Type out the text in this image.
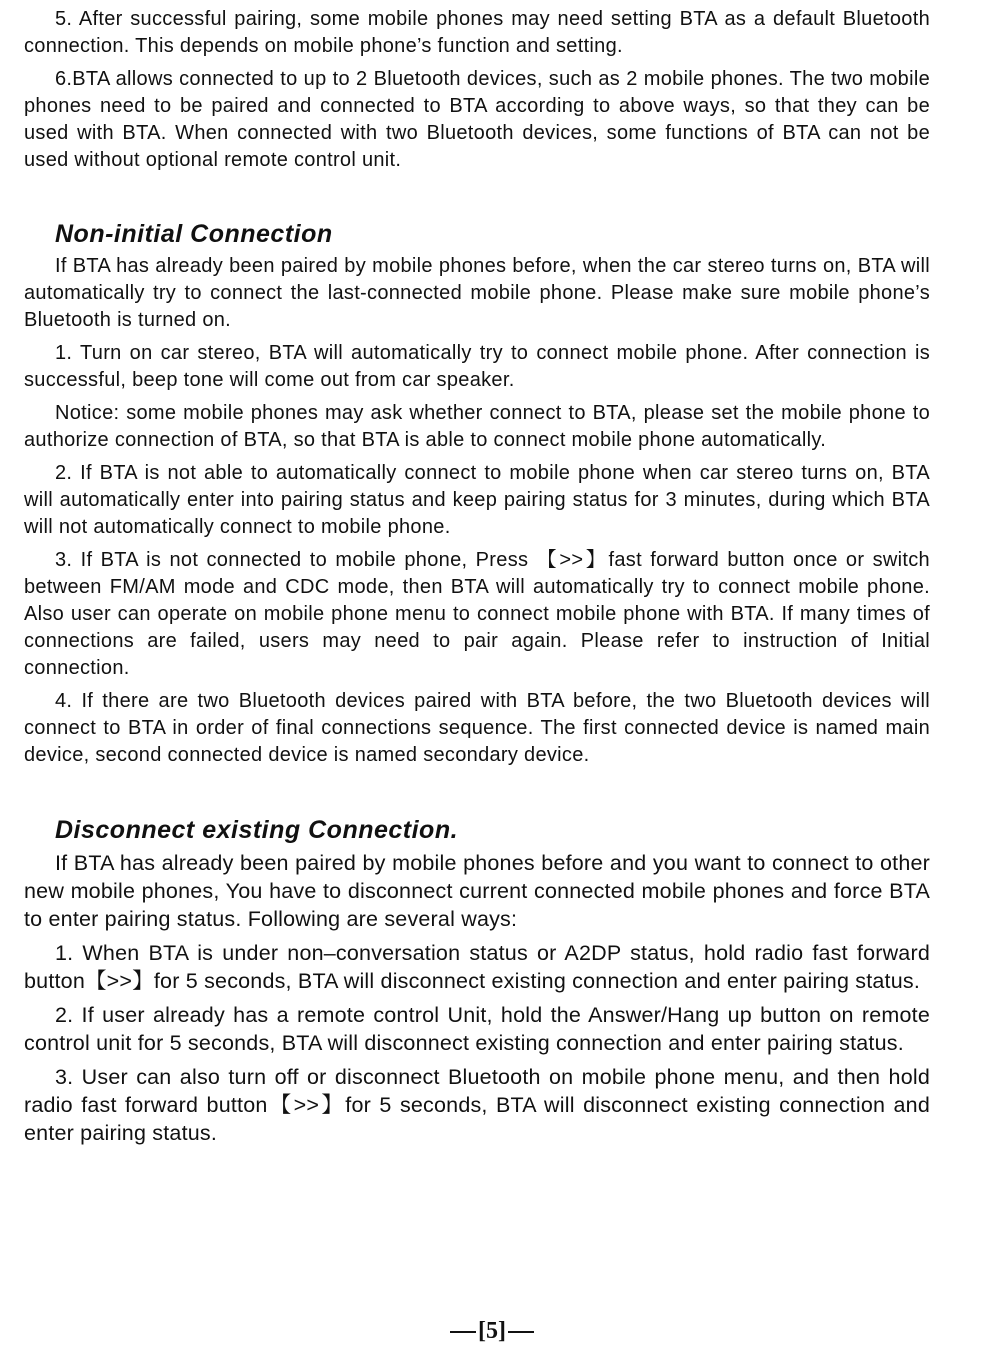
5. After successful pairing, some mobile phones may need setting BTA as a default Bluetooth connection. This depends on mobile phone’s function and setting.

6.BTA allows connected to up to 2 Bluetooth devices, such as 2 mobile phones. The two mobile phones need to be paired and connected to BTA according to above ways, so that they can be used with BTA. When connected with two Bluetooth devices, some functions of BTA can not be used without optional remote control unit.

Non-initial Connection

If BTA has already been paired by mobile phones before, when the car stereo turns on, BTA will automatically try to connect the last-connected mobile phone. Please make sure mobile phone’s Bluetooth is turned on.

1. Turn on car stereo, BTA will automatically try to connect mobile phone. After connection is successful, beep tone will come out from car speaker.

Notice: some mobile phones may ask whether connect to BTA, please set the mobile phone to authorize connection of BTA, so that BTA is able to connect mobile phone automatically.

2. If BTA is not able to automatically connect to mobile phone when car stereo turns on, BTA will automatically enter into pairing status and keep pairing status for 3 minutes, during which BTA will not automatically connect to mobile phone.

3. If BTA is not connected to mobile phone, Press 【>>】fast forward button once or switch between FM/AM mode and CDC mode, then BTA will automatically try to connect mobile phone. Also user can operate on mobile phone menu to connect mobile phone with BTA. If many times of connections are failed, users may need to pair again. Please refer to instruction of Initial connection.

4. If there are two Bluetooth devices paired with BTA before, the two Bluetooth devices will connect to BTA in order of final connections sequence. The first connected device is named main device, second connected device is named secondary device.

Disconnect existing Connection.

If BTA has already been paired by mobile phones before and you want to connect to other new mobile phones, You have to disconnect current connected mobile phones and force BTA to enter pairing status. Following are several ways:

1. When BTA is under non–conversation status or A2DP status, hold radio fast forward button【>>】for 5 seconds, BTA will disconnect existing connection and enter pairing status.

2. If user already has a remote control Unit, hold the Answer/Hang up button on remote control unit for 5 seconds, BTA will disconnect existing connection and enter pairing status.

3. User can also turn off or disconnect Bluetooth on mobile phone menu, and then hold radio fast forward button【>>】for 5 seconds, BTA will disconnect existing connection and enter pairing status.

[5]
